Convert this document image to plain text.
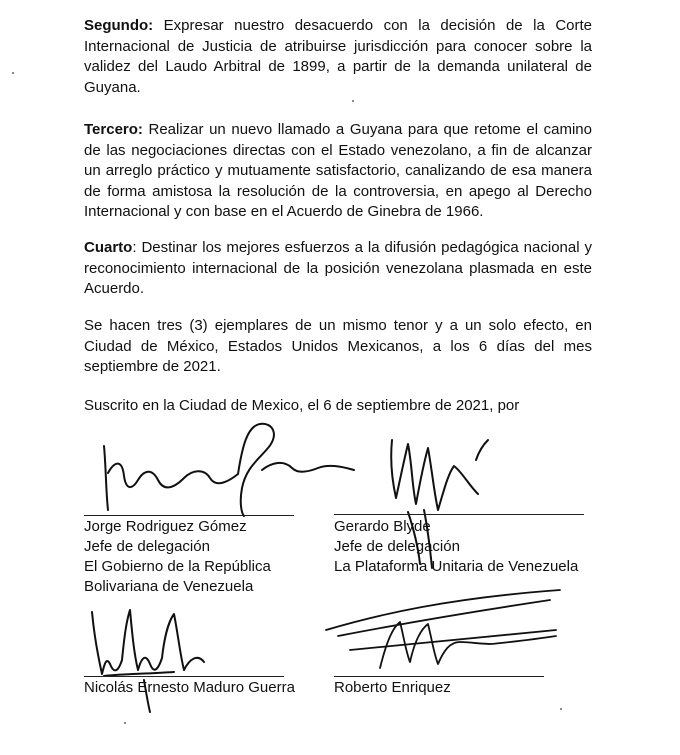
Segundo: Expresar nuestro desacuerdo con la decisión de la Corte Internacional de Justicia de atribuirse jurisdicción para conocer sobre la validez del Laudo Arbitral de 1899, a partir de la demanda unilateral de Guyana.

Tercero: Realizar un nuevo llamado a Guyana para que retome el camino de las negociaciones directas con el Estado venezolano, a fin de alcanzar un arreglo práctico y mutuamente satisfactorio, canalizando de esa manera de forma amistosa la resolución de la controversia, en apego al Derecho Internacional y con base en el Acuerdo de Ginebra de 1966.

Cuarto: Destinar los mejores esfuerzos a la difusión pedagógica nacional y reconocimiento internacional de la posición venezolana plasmada en este Acuerdo.

Se hacen tres (3) ejemplares de un mismo tenor y a un solo efecto, en Ciudad de México, Estados Unidos Mexicanos, a los 6 días del mes septiembre de 2021.

Suscrito en la Ciudad de Mexico, el 6 de septiembre de 2021, por

Jorge Rodriguez Gómez
Jefe de delegación
El Gobierno de la República
Bolivariana de Venezuela
Gerardo Blyde
Jefe de delegación
La Plataforma Unitaria de Venezuela
Nicolás Ernesto Maduro Guerra	Roberto Enriquez
